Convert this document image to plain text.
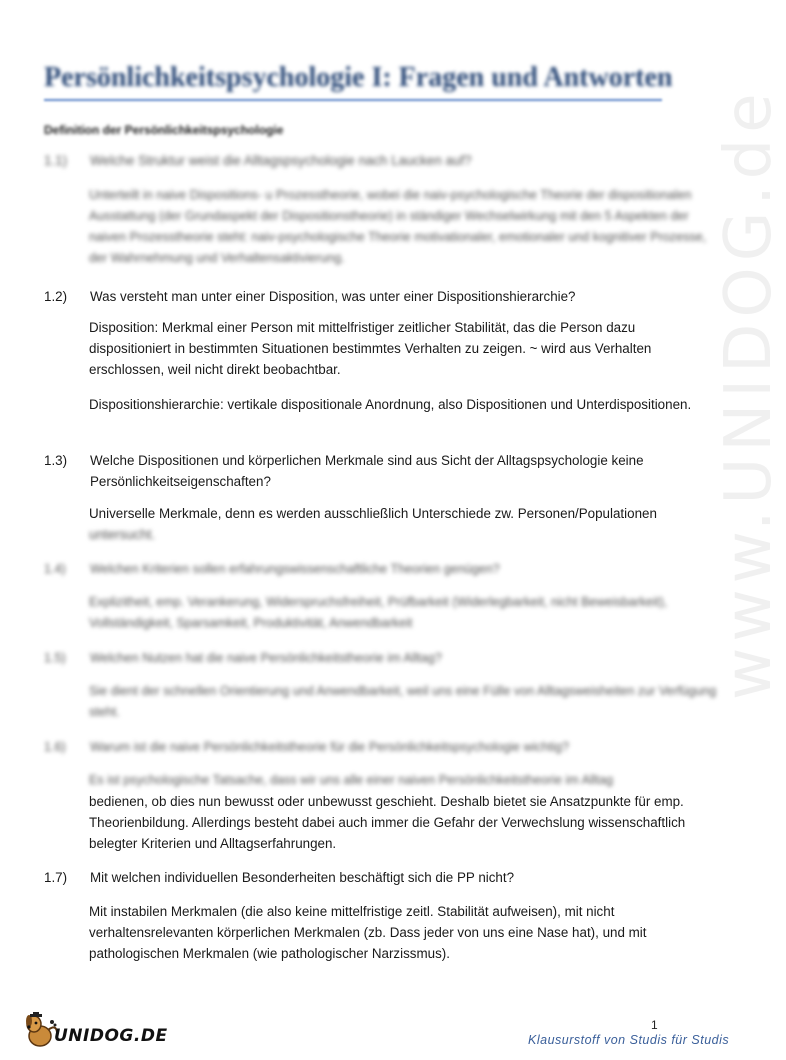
www.UNIDOG.de
Persönlichkeitspsychologie I: Fragen und Antworten
Definition der Persönlichkeitspsychologie
1.1) Welche Struktur weist die Alltagspsychologie nach Laucken auf?
Unterteilt in naive Dispositions- u Prozesstheorie, wobei die naiv-psychologische Theorie der dispositionalen Ausstattung (der Grundaspekt der Dispositionstheorie) in ständiger Wechselwirkung mit den 5 Aspekten der naiven Prozesstheorie steht: naiv-psychologische Theorie motivationaler, emotionaler und kognitiver Prozesse, der Wahrnehmung und Verhaltensaktivierung.
1.2) Was versteht man unter einer Disposition, was unter einer Dispositionshierarchie?
Disposition: Merkmal einer Person mit mittelfristiger zeitlicher Stabilität, das die Person dazu dispositioniert in bestimmten Situationen bestimmtes Verhalten zu zeigen. ~ wird aus Verhalten erschlossen, weil nicht direkt beobachtbar.
Dispositionshierarchie: vertikale dispositionale Anordnung, also Dispositionen und Unterdispositionen.
1.3) Welche Dispositionen und körperlichen Merkmale sind aus Sicht der Alltagspsychologie keine Persönlichkeitseigenschaften?
Universelle Merkmale, denn es werden ausschließlich Unterschiede zw. Personen/Populationen
untersucht.
1.4) Welchen Kriterien sollen erfahrungswissenschaftliche Theorien genügen?
Explizitheit, emp. Verankerung, Widerspruchsfreiheit, Prüfbarkeit (Widerlegbarkeit, nicht Beweisbarkeit), Vollständigkeit, Sparsamkeit, Produktivität, Anwendbarkeit
1.5) Welchen Nutzen hat die naive Persönlichkeitstheorie im Alltag?
Sie dient der schnellen Orientierung und Anwendbarkeit, weil uns eine Fülle von Alltagsweisheiten zur Verfügung steht.
1.6) Warum ist die naive Persönlichkeitstheorie für die Persönlichkeitspsychologie wichtig?
Es ist psychologische Tatsache, dass wir uns alle einer naiven Persönlichkeitstheorie im Alltag
bedienen, ob dies nun bewusst oder unbewusst geschieht. Deshalb bietet sie Ansatzpunkte für emp. Theorienbildung. Allerdings besteht dabei auch immer die Gefahr der Verwechslung wissenschaftlich belegter Kriterien und Alltagserfahrungen.
1.7) Mit welchen individuellen Besonderheiten beschäftigt sich die PP nicht?
Mit instabilen Merkmalen (die also keine mittelfristige zeitl. Stabilität aufweisen), mit nicht verhaltensrelevanten körperlichen Merkmalen (zb. Dass jeder von uns eine Nase hat), und mit pathologischen Merkmalen (wie pathologischer Narzissmus).
UNIDOG.DE
1
Klausurstoff von Studis für Studis
